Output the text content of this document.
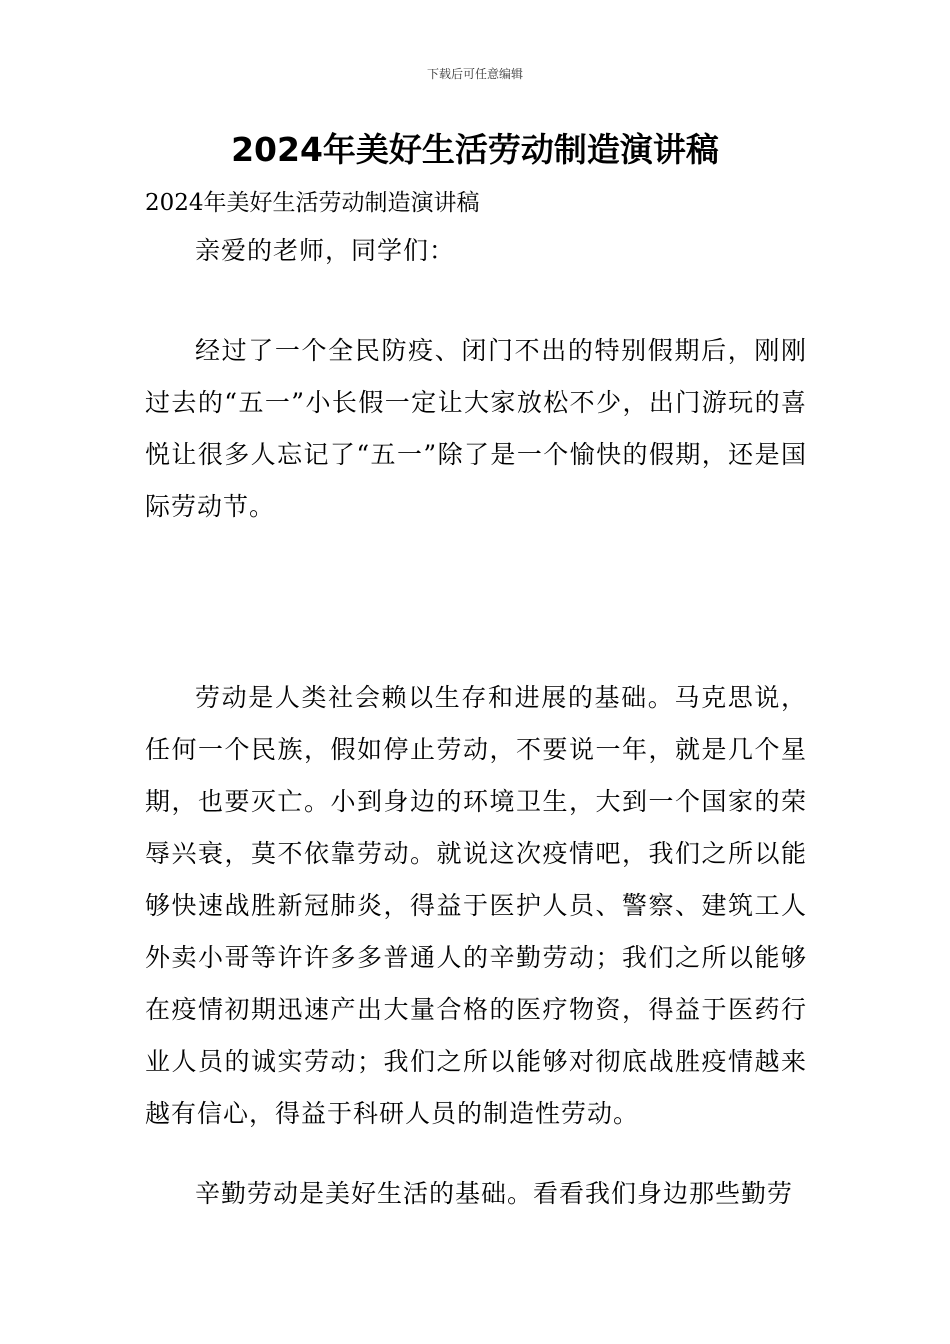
下载后可任意编辑
2024年美好生活劳动制造演讲稿
2024年美好生活劳动制造演讲稿
亲爱的老师，同学们：
经过了一个全民防疫、闭门不出的特别假期后，刚刚过去的“五一”小长假一定让大家放松不少，出门游玩的喜悦让很多人忘记了“五一”除了是一个愉快的假期，还是国际劳动节。
劳动是人类社会赖以生存和进展的基础。马克思说，任何一个民族，假如停止劳动，不要说一年，就是几个星期，也要灭亡。小到身边的环境卫生，大到一个国家的荣辱兴衰，莫不依靠劳动。就说这次疫情吧，我们之所以能够快速战胜新冠肺炎，得益于医护人员、警察、建筑工人外卖小哥等许许多多普通人的辛勤劳动；我们之所以能够在疫情初期迅速产出大量合格的医疗物资，得益于医药行业人员的诚实劳动；我们之所以能够对彻底战胜疫情越来越有信心，得益于科研人员的制造性劳动。
辛勤劳动是美好生活的基础。看看我们身边那些勤劳
